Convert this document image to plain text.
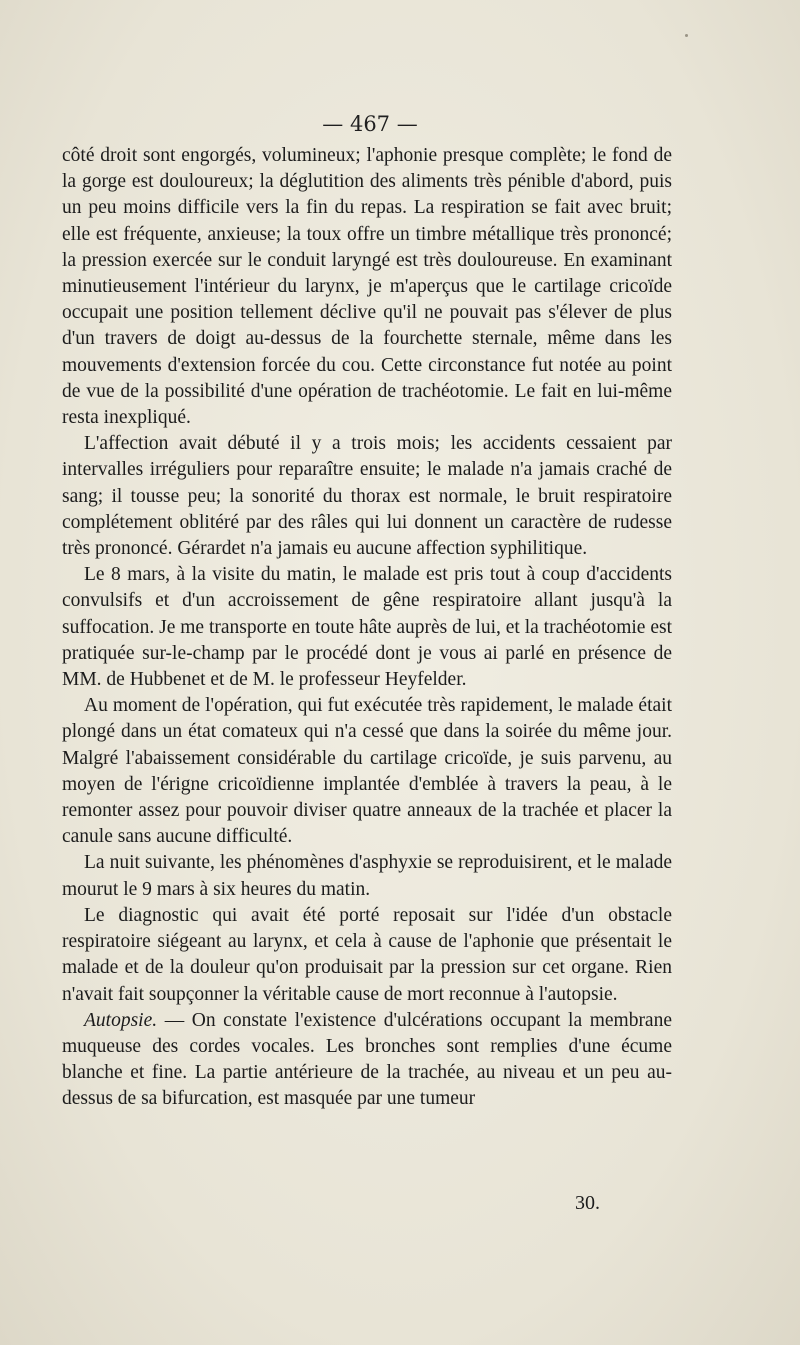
— 467 —

côté droit sont engorgés, volumineux; l'aphonie presque complète; le fond de la gorge est douloureux; la déglutition des aliments très pénible d'abord, puis un peu moins difficile vers la fin du repas. La respiration se fait avec bruit; elle est fréquente, anxieuse; la toux offre un timbre métallique très prononcé; la pression exercée sur le conduit laryngé est très douloureuse. En examinant minutieusement l'intérieur du larynx, je m'aperçus que le cartilage cricoïde occupait une position tellement déclive qu'il ne pouvait pas s'élever de plus d'un travers de doigt au-dessus de la fourchette sternale, même dans les mouvements d'extension forcée du cou. Cette circonstance fut notée au point de vue de la possibilité d'une opération de trachéotomie. Le fait en lui-même resta inexpliqué.

L'affection avait débuté il y a trois mois; les accidents cessaient par intervalles irréguliers pour reparaître ensuite; le malade n'a jamais craché de sang; il tousse peu; la sonorité du thorax est normale, le bruit respiratoire complétement oblitéré par des râles qui lui donnent un caractère de rudesse très prononcé. Gérardet n'a jamais eu aucune affection syphilitique.

Le 8 mars, à la visite du matin, le malade est pris tout à coup d'accidents convulsifs et d'un accroissement de gêne respiratoire allant jusqu'à la suffocation. Je me transporte en toute hâte auprès de lui, et la trachéotomie est pratiquée sur-le-champ par le procédé dont je vous ai parlé en présence de MM. de Hubbenet et de M. le professeur Heyfelder.

Au moment de l'opération, qui fut exécutée très rapidement, le malade était plongé dans un état comateux qui n'a cessé que dans la soirée du même jour. Malgré l'abaissement considérable du cartilage cricoïde, je suis parvenu, au moyen de l'érigne cricoïdienne implantée d'emblée à travers la peau, à le remonter assez pour pouvoir diviser quatre anneaux de la trachée et placer la canule sans aucune difficulté.

La nuit suivante, les phénomènes d'asphyxie se reproduisirent, et le malade mourut le 9 mars à six heures du matin.

Le diagnostic qui avait été porté reposait sur l'idée d'un obstacle respiratoire siégeant au larynx, et cela à cause de l'aphonie que présentait le malade et de la douleur qu'on produisait par la pression sur cet organe. Rien n'avait fait soupçonner la véritable cause de mort reconnue à l'autopsie.

Autopsie. — On constate l'existence d'ulcérations occupant la membrane muqueuse des cordes vocales. Les bronches sont remplies d'une écume blanche et fine. La partie antérieure de la trachée, au niveau et un peu au-dessus de sa bifurcation, est masquée par une tumeur

30.
